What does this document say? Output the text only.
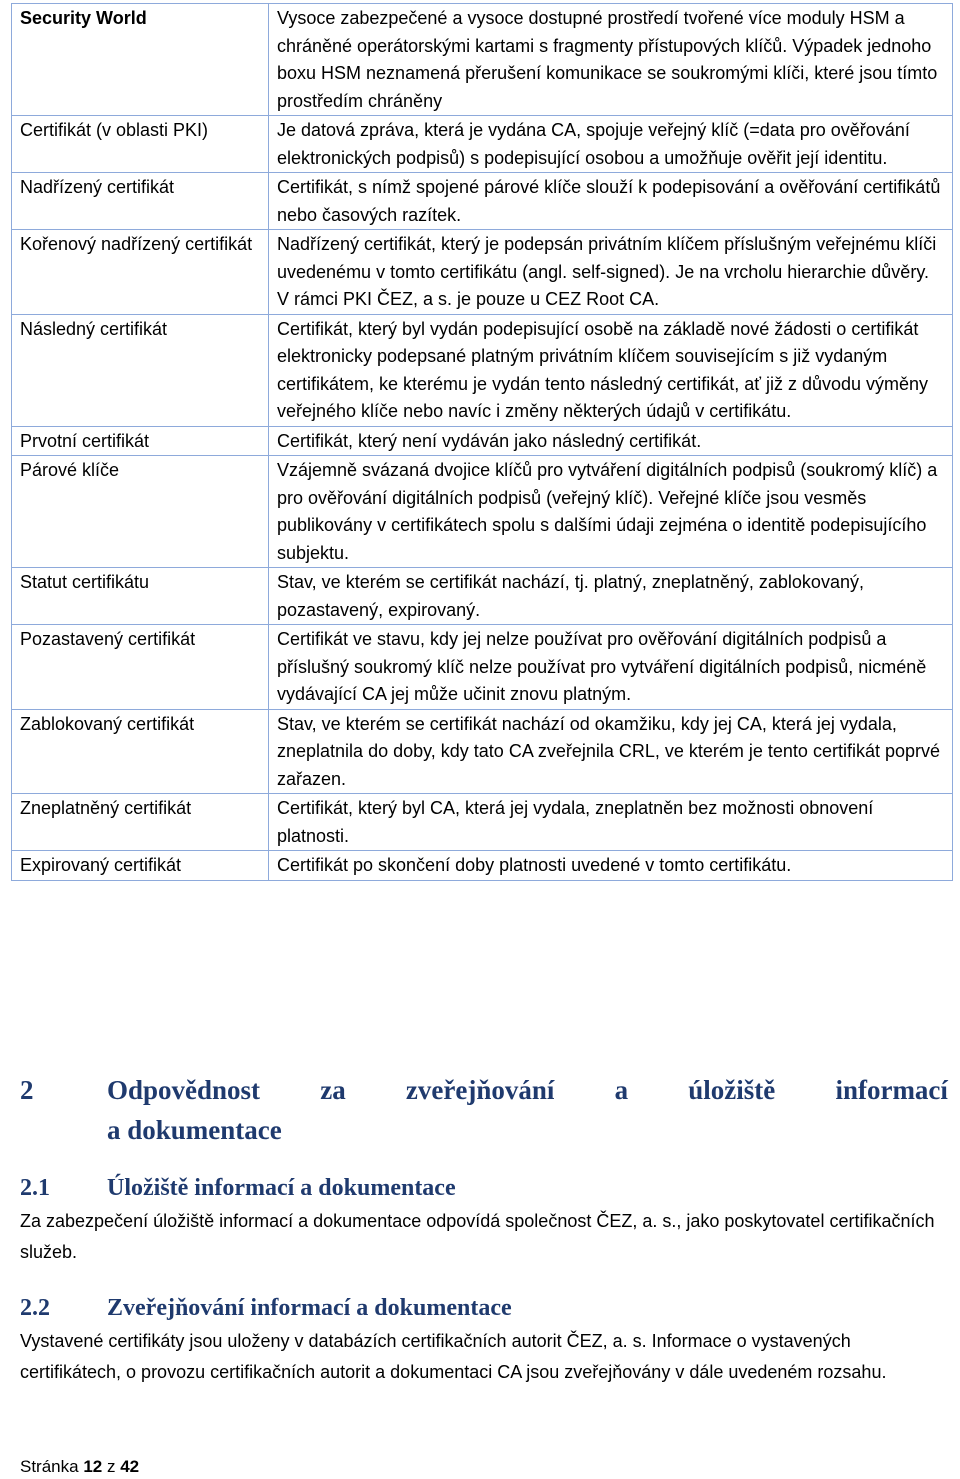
Security World	Vysoce zabezpečené a vysoce dostupné prostředí tvořené více moduly HSM a chráněné operátorskými kartami s fragmenty přístupových klíčů. Výpadek jednoho boxu HSM neznamená přerušení komunikace se soukromými klíči, které jsou tímto prostředím chráněny
Certifikát (v oblasti PKI)	Je datová zpráva, která je vydána CA, spojuje veřejný klíč (=data pro ověřování elektronických podpisů) s podepisující osobou a umožňuje ověřit její identitu.
Nadřízený certifikát	Certifikát, s nímž spojené párové klíče slouží k podepisování a ověřování certifikátů nebo časových razítek.
Kořenový nadřízený certifikát	Nadřízený certifikát, který je podepsán privátním klíčem příslušným veřejnému klíči uvedenému v tomto certifikátu (angl. self-signed). Je na vrcholu hierarchie důvěry. V rámci PKI ČEZ, a s. je pouze u CEZ Root CA.
Následný certifikát	Certifikát, který byl vydán podepisující osobě na základě nové žádosti o certifikát elektronicky podepsané platným privátním klíčem souvisejícím s již vydaným certifikátem, ke kterému je vydán tento následný certifikát, ať již z důvodu výměny veřejného klíče nebo navíc i změny některých údajů v certifikátu.
Prvotní certifikát	Certifikát, který není vydáván jako následný certifikát.
Párové klíče	Vzájemně svázaná dvojice klíčů pro vytváření digitálních podpisů (soukromý klíč) a pro ověřování digitálních podpisů (veřejný klíč). Veřejné klíče jsou vesměs publikovány v certifikátech spolu s dalšími údaji zejména o identitě podepisujícího subjektu.
Statut certifikátu	Stav, ve kterém se certifikát nachází, tj. platný, zneplatněný, zablokovaný, pozastavený, expirovaný.
Pozastavený certifikát	Certifikát ve stavu, kdy jej nelze používat pro ověřování digitálních podpisů a příslušný soukromý klíč nelze používat pro vytváření digitálních podpisů, nicméně vydávající CA jej může učinit znovu platným.
Zablokovaný certifikát	Stav, ve kterém se certifikát nachází od okamžiku, kdy jej CA, která jej vydala, zneplatnila do doby, kdy tato CA zveřejnila CRL, ve kterém je tento certifikát poprvé zařazen.
Zneplatněný certifikát	Certifikát, který byl CA, která jej vydala, zneplatněn bez možnosti obnovení platnosti.
Expirovaný certifikát	Certifikát po skončení doby platnosti uvedené v tomto certifikátu.
2	Odpovědnost za zveřejňování a úložiště informací
a dokumentace
2.1 Úložiště informací a dokumentace
Za zabezpečení úložiště informací a dokumentace odpovídá společnost ČEZ, a. s., jako poskytovatel certifikačních služeb.
2.2 Zveřejňování informací a dokumentace
Vystavené certifikáty jsou uloženy v databázích certifikačních autorit ČEZ, a. s. Informace o vystavených certifikátech, o provozu certifikačních autorit a dokumentaci CA jsou zveřejňovány v dále uvedeném rozsahu.
Stránka 12 z 42
